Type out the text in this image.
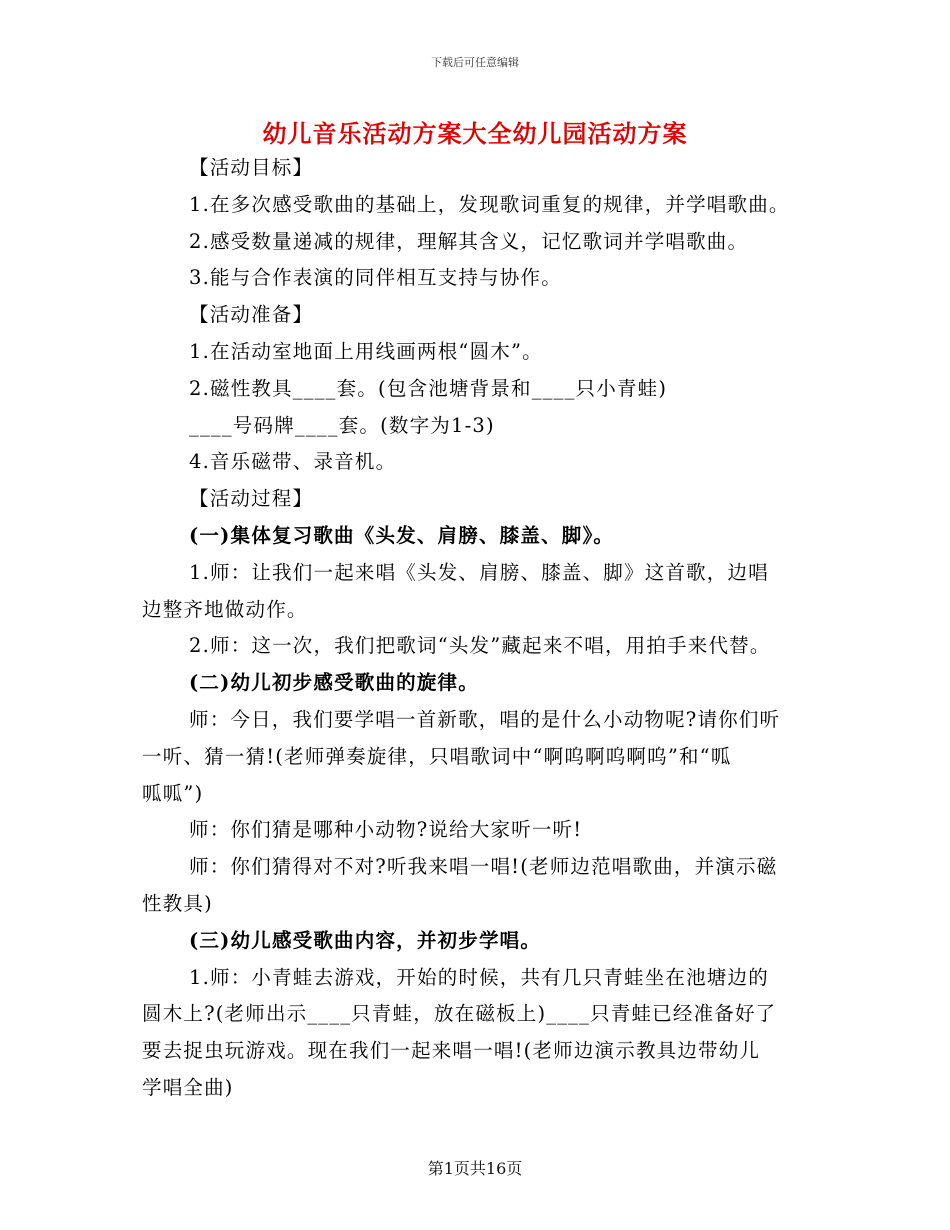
下载后可任意编辑
幼儿音乐活动方案大全幼儿园活动方案

【活动目标】

1.在多次感受歌曲的基础上，发现歌词重复的规律，并学唱歌曲。

2.感受数量递减的规律，理解其含义，记忆歌词并学唱歌曲。

3.能与合作表演的同伴相互支持与协作。

【活动准备】

1.在活动室地面上用线画两根“圆木”。

2.磁性教具____套。(包含池塘背景和____只小青蛙)

____号码牌____套。(数字为1-3)

4.音乐磁带、录音机。

【活动过程】

(一)集体复习歌曲《头发、肩膀、膝盖、脚》。

1.师：让我们一起来唱《头发、肩膀、膝盖、脚》这首歌，边唱

边整齐地做动作。

2.师：这一次，我们把歌词“头发”藏起来不唱，用拍手来代替。

(二)幼儿初步感受歌曲的旋律。

师：今日，我们要学唱一首新歌，唱的是什么小动物呢?请你们听

一听、猜一猜!(老师弹奏旋律，只唱歌词中“啊呜啊呜啊呜”和“呱

呱呱”)

师：你们猜是哪种小动物?说给大家听一听!

师：你们猜得对不对?听我来唱一唱!(老师边范唱歌曲，并演示磁

性教具)

(三)幼儿感受歌曲内容，并初步学唱。

1.师：小青蛙去游戏，开始的时候，共有几只青蛙坐在池塘边的

圆木上?(老师出示____只青蛙，放在磁板上)____只青蛙已经准备好了

要去捉虫玩游戏。现在我们一起来唱一唱!(老师边演示教具边带幼儿

学唱全曲)

第1页共16页
